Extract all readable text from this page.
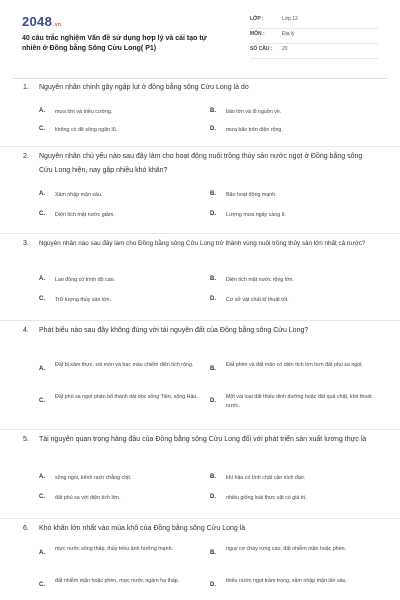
2048.vn
40 câu trắc nghiệm Vấn đề sử dụng hợp lý và cải tạo tự nhiên ở Đồng bằng Sông Cửu Long( P1)
LỚP :	Lớp 12
MÔN :	Địa lý
SỐ CÂU : 20
1. Nguyên nhân chính gây ngập lụt ở đồng bằng sông Cửu Long là do
A. mưa lớn và triều cường.	B. bão lớn và lũ nguồn về.
C. không có đê sông ngăn lũ.	D. mưa bão trên diện rộng.
2. Nguyên nhân chủ yếu nào sau đây làm cho hoạt động nuôi trồng thủy sản nước ngọt ở Đồng bằng sông Cửu Long hiện, nay gặp nhiều khó khăn?
A. Xâm nhập mặn sâu.	B. Bão hoạt động mạnh.
C. Diện tích mặt nước giảm.	D. Lượng mưa ngày càng ít.
3. Nguyên nhân nào sau đây làm cho Đồng bằng sông Cửu Long trở thành vùng nuôi trồng thủy sản lớn nhất cả nước?
A. Lao động có trình độ cao.	B. Diện tích mặt nước rộng lớn.
C. Trữ lượng thủy sản lớn.	D. Cơ sở vật chất kĩ thuật tốt.
4. Phát biểu nào sau đây không đúng với tài nguyên đất của Đồng bằng sông Cửu Long?
A.
Đất bị xâm thực, xói mòn và bạc màu chiếm diện tích rộng.
B.
Đất phèn và đất mặn có diện tích lớn hơn đất phù sa ngọt.
C.
Đất phù sa ngọt phân bố thành dải dọc sông Tiền, sông Hậu.
D.
Một vài loại đất thiếu dinh dưỡng hoặc đất quá chặt, khó thoát nước.
5. Tài nguyên quan trọng hàng đầu của Đồng bằng sông Cửu Long đối với phát triển sản xuất lương thực là
A. sông ngòi, kênh rạch chằng chịt.	B. khí hậu có tính chất cận xích đạo.
C. đất phù sa với diện tích lớn.	D. nhiều giống loài thực vật có giá trị.
6. Khó khăn lớn nhất vào mùa khô của Đồng bằng sông Cửu Long là
A.
mực nước sông thấp, thủy triều ảnh hưởng mạnh.
B.
nguy cơ cháy rừng cao, đất nhiễm mặn hoặc phèn.
C.
đất nhiễm mặn hoặc phèn, mực nước ngầm hạ thấp.
D.
thiếu nước ngọt trầm trọng, xâm nhập mặn lấn sâu.
